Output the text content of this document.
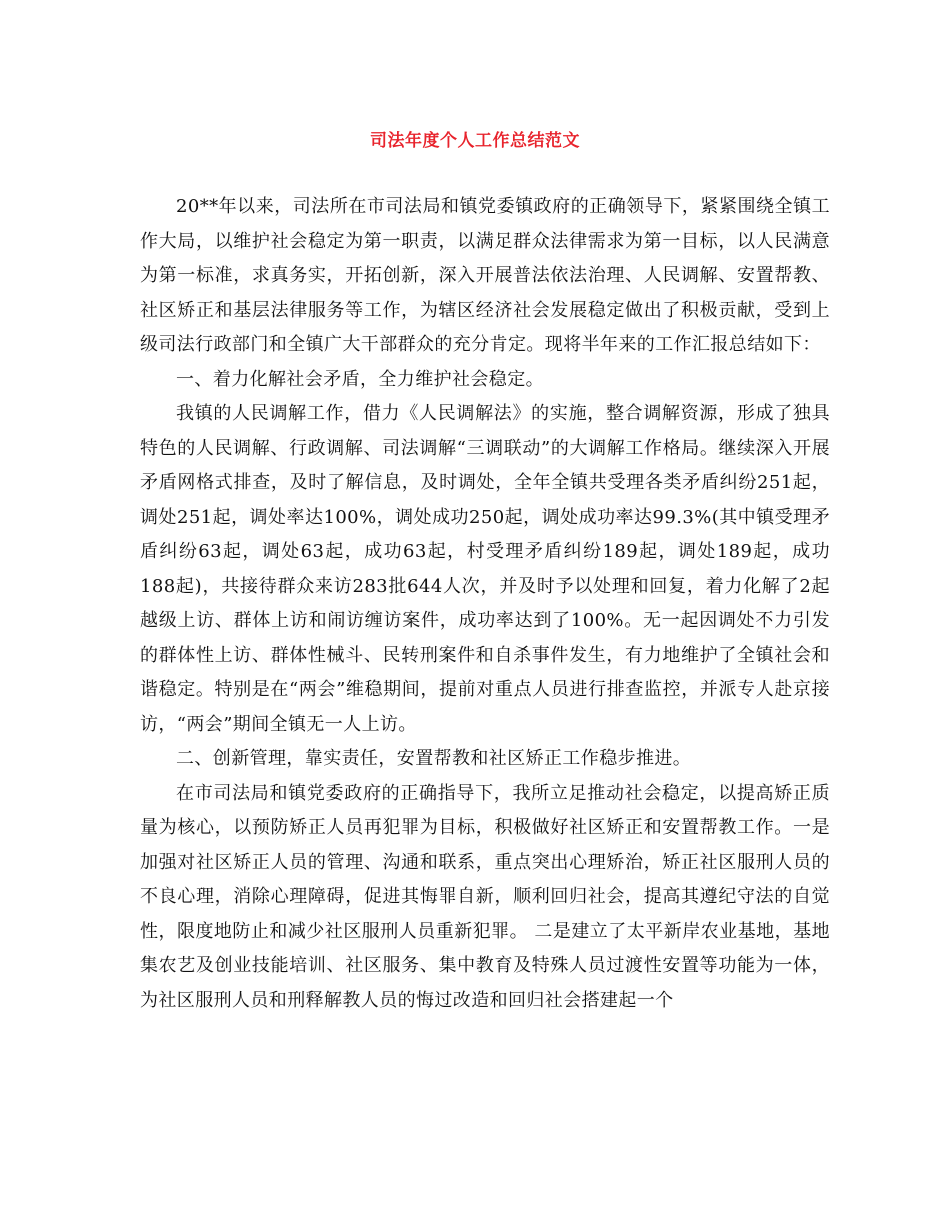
司法年度个人工作总结范文

20**年以来，司法所在市司法局和镇党委镇政府的正确领导下，紧紧围绕全镇工作大局，以维护社会稳定为第一职责，以满足群众法律需求为第一目标，以人民满意为第一标准，求真务实，开拓创新，深入开展普法依法治理、人民调解、安置帮教、社区矫正和基层法律服务等工作，为辖区经济社会发展稳定做出了积极贡献，受到上级司法行政部门和全镇广大干部群众的充分肯定。现将半年来的工作汇报总结如下：

一、着力化解社会矛盾，全力维护社会稳定。

我镇的人民调解工作，借力《人民调解法》的实施，整合调解资源，形成了独具特色的人民调解、行政调解、司法调解“三调联动”的大调解工作格局。继续深入开展矛盾网格式排查，及时了解信息，及时调处，全年全镇共受理各类矛盾纠纷251起，调处251起，调处率达100%，调处成功250起，调处成功率达99.3%(其中镇受理矛盾纠纷63起，调处63起，成功63起，村受理矛盾纠纷189起，调处189起，成功188起)，共接待群众来访283批644人次，并及时予以处理和回复，着力化解了2起越级上访、群体上访和闹访缠访案件，成功率达到了100%。无一起因调处不力引发的群体性上访、群体性械斗、民转刑案件和自杀事件发生，有力地维护了全镇社会和谐稳定。特别是在“两会”维稳期间，提前对重点人员进行排查监控，并派专人赴京接访，“两会”期间全镇无一人上访。

二、创新管理，靠实责任，安置帮教和社区矫正工作稳步推进。

在市司法局和镇党委政府的正确指导下，我所立足推动社会稳定，以提高矫正质量为核心，以预防矫正人员再犯罪为目标，积极做好社区矫正和安置帮教工作。一是加强对社区矫正人员的管理、沟通和联系，重点突出心理矫治，矫正社区服刑人员的不良心理，消除心理障碍，促进其悔罪自新，顺利回归社会，提高其遵纪守法的自觉性，限度地防止和减少社区服刑人员重新犯罪。 二是建立了太平新岸农业基地，基地集农艺及创业技能培训、社区服务、集中教育及特殊人员过渡性安置等功能为一体，为社区服刑人员和刑释解教人员的悔过改造和回归社会搭建起一个
